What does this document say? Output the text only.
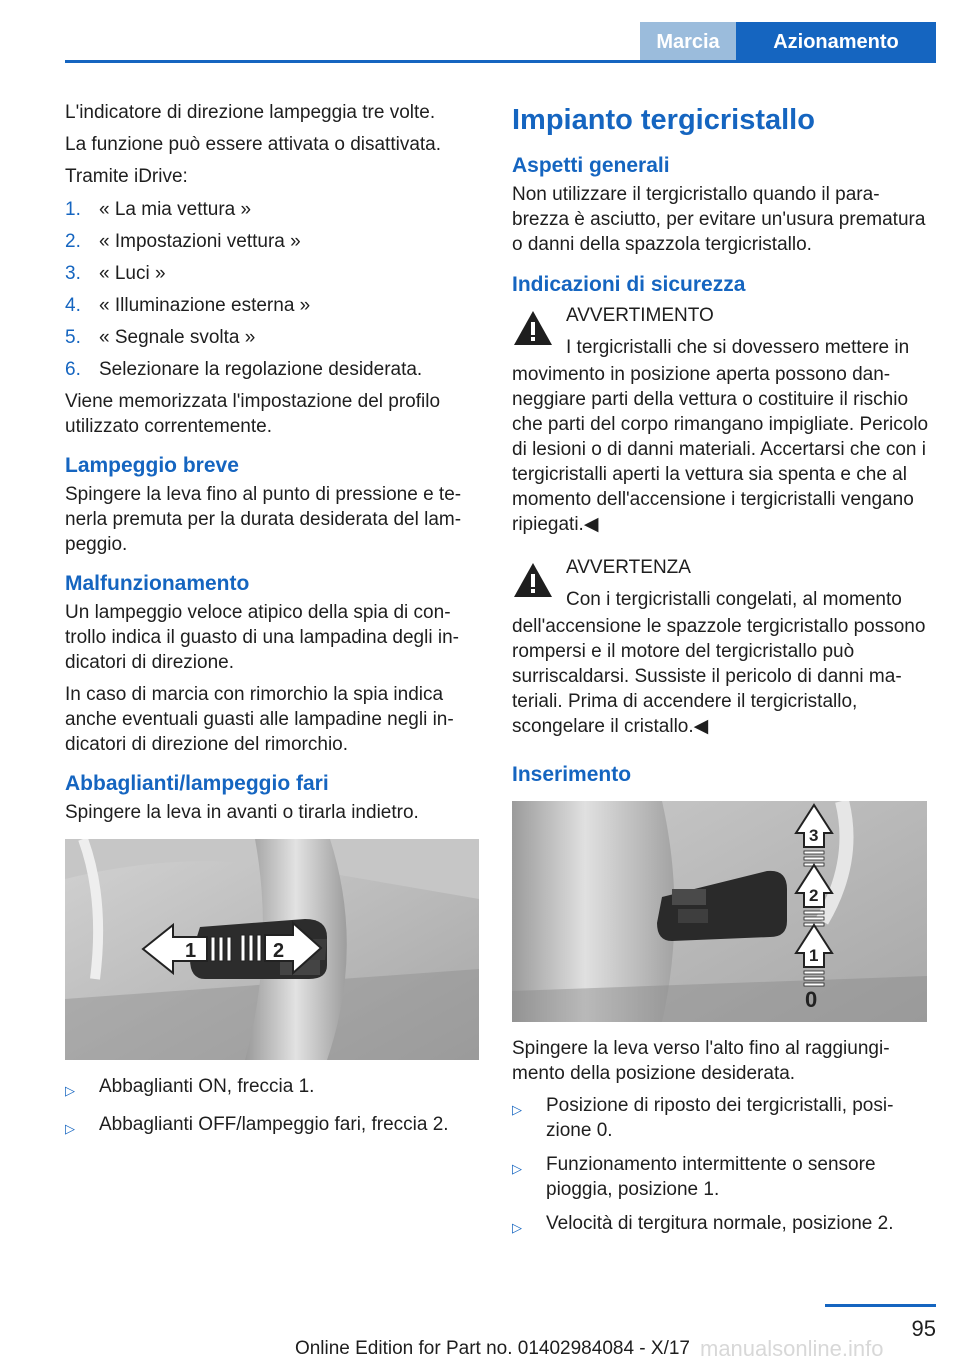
Marcia	Azionamento

L'indicatore di direzione lampeggia tre volte.

La funzione può essere attivata o disattivata.

Tramite iDrive:

1. « La mia vettura »
2. « Impostazioni vettura »
3. « Luci »
4. « Illuminazione esterna »
5. « Segnale svolta »
6. Selezionare la regolazione desiderata.

Viene memorizzata l'impostazione del profilo utilizzato correntemente.

Lampeggio breve

Spingere la leva fino al punto di pressione e tenerla premuta per la durata desiderata del lampeggio.

Malfunzionamento

Un lampeggio veloce atipico della spia di controllo indica il guasto di una lampadina degli indicatori di direzione.

In caso di marcia con rimorchio la spia indica anche eventuali guasti alle lampadine negli indicatori di direzione del rimorchio.

Abbaglianti/lampeggio fari

Spingere la leva in avanti o tirarla indietro.

1	2
▷	Abbaglianti ON, freccia 1.
▷	Abbaglianti OFF/lampeggio fari, freccia 2.
Impianto tergicristallo
Aspetti generali

Non utilizzare il tergicristallo quando il parabrezza è asciutto, per evitare un'usura prematura o danni della spazzola tergicristallo.

Indicazioni di sicurezza

AVVERTIMENTO

I tergicristalli che si dovessero mettere in

movimento in posizione aperta possono danneggiare parti della vettura o costituire il rischio che parti del corpo rimangano impigliate. Pericolo di lesioni o di danni materiali. Accertarsi che con i tergicristalli aperti la vettura sia spenta e che al momento dell'accensione i tergicristalli vengano ripiegati.◀

AVVERTENZA

Con i tergicristalli congelati, al momento

dell'accensione le spazzole tergicristallo possono rompersi e il motore del tergicristallo può surriscaldarsi. Sussiste il pericolo di danni materiali. Prima di accendere il tergicristallo, scongelare il cristallo.◀

Inserimento
3
2
1
0

Spingere la leva verso l'alto fino al raggiungimento della posizione desiderata.

▷	Posizione di riposto dei tergicristalli, posizione 0.
▷	Funzionamento intermittente o sensore pioggia, posizione 1.
▷	Velocità di tergitura normale, posizione 2.
95
manualsonline.info
Online Edition for Part no. 01402984084 - X/17
